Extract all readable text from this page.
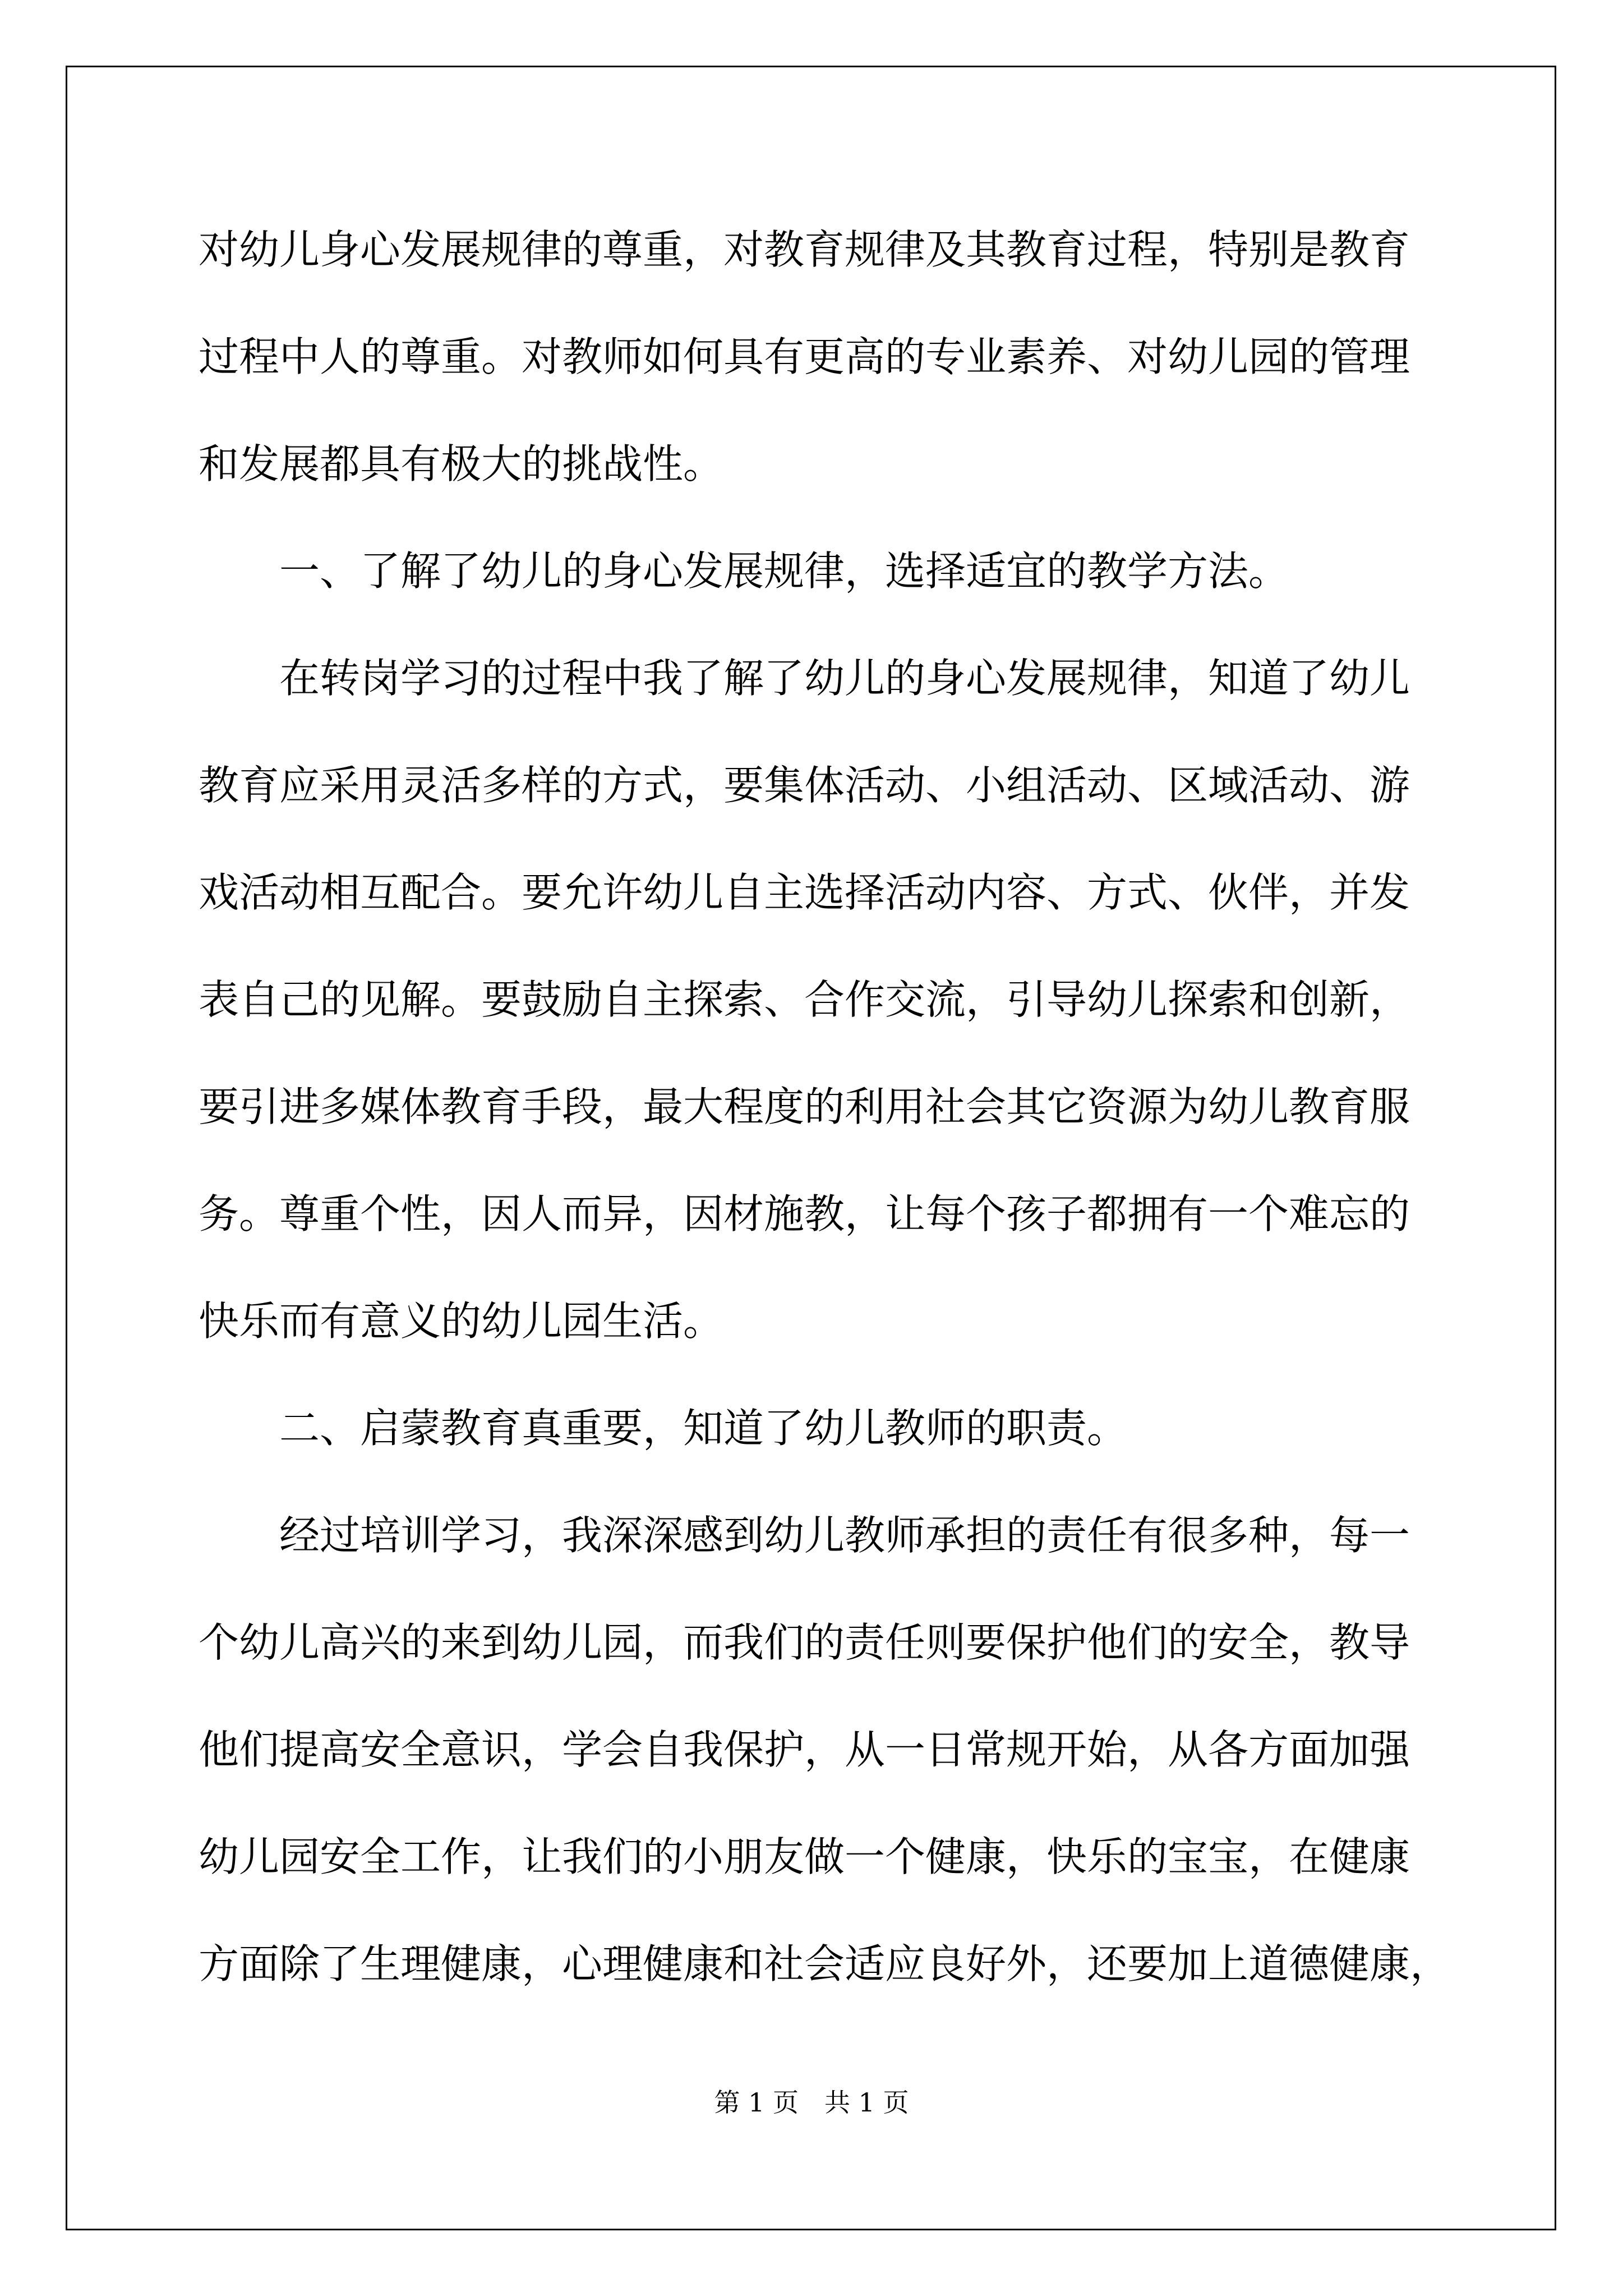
对幼儿身心发展规律的尊重，对教育规律及其教育过程，特别是教育

过程中人的尊重。对教师如何具有更高的专业素养、对幼儿园的管理

和发展都具有极大的挑战性。

　　一、了解了幼儿的身心发展规律，选择适宜的教学方法。

　　在转岗学习的过程中我了解了幼儿的身心发展规律，知道了幼儿

教育应采用灵活多样的方式，要集体活动、小组活动、区域活动、游

戏活动相互配合。要允许幼儿自主选择活动内容、方式、伙伴，并发

表自己的见解。要鼓励自主探索、合作交流，引导幼儿探索和创新，

要引进多媒体教育手段，最大程度的利用社会其它资源为幼儿教育服

务。尊重个性，因人而异，因材施教，让每个孩子都拥有一个难忘的

快乐而有意义的幼儿园生活。

　　二、启蒙教育真重要，知道了幼儿教师的职责。

　　经过培训学习，我深深感到幼儿教师承担的责任有很多种，每一

个幼儿高兴的来到幼儿园，而我们的责任则要保护他们的安全，教导

他们提高安全意识，学会自我保护，从一日常规开始，从各方面加强

幼儿园安全工作，让我们的小朋友做一个健康，快乐的宝宝，在健康

方面除了生理健康，心理健康和社会适应良好外，还要加上道德健康，

第 1 页　共 1 页
